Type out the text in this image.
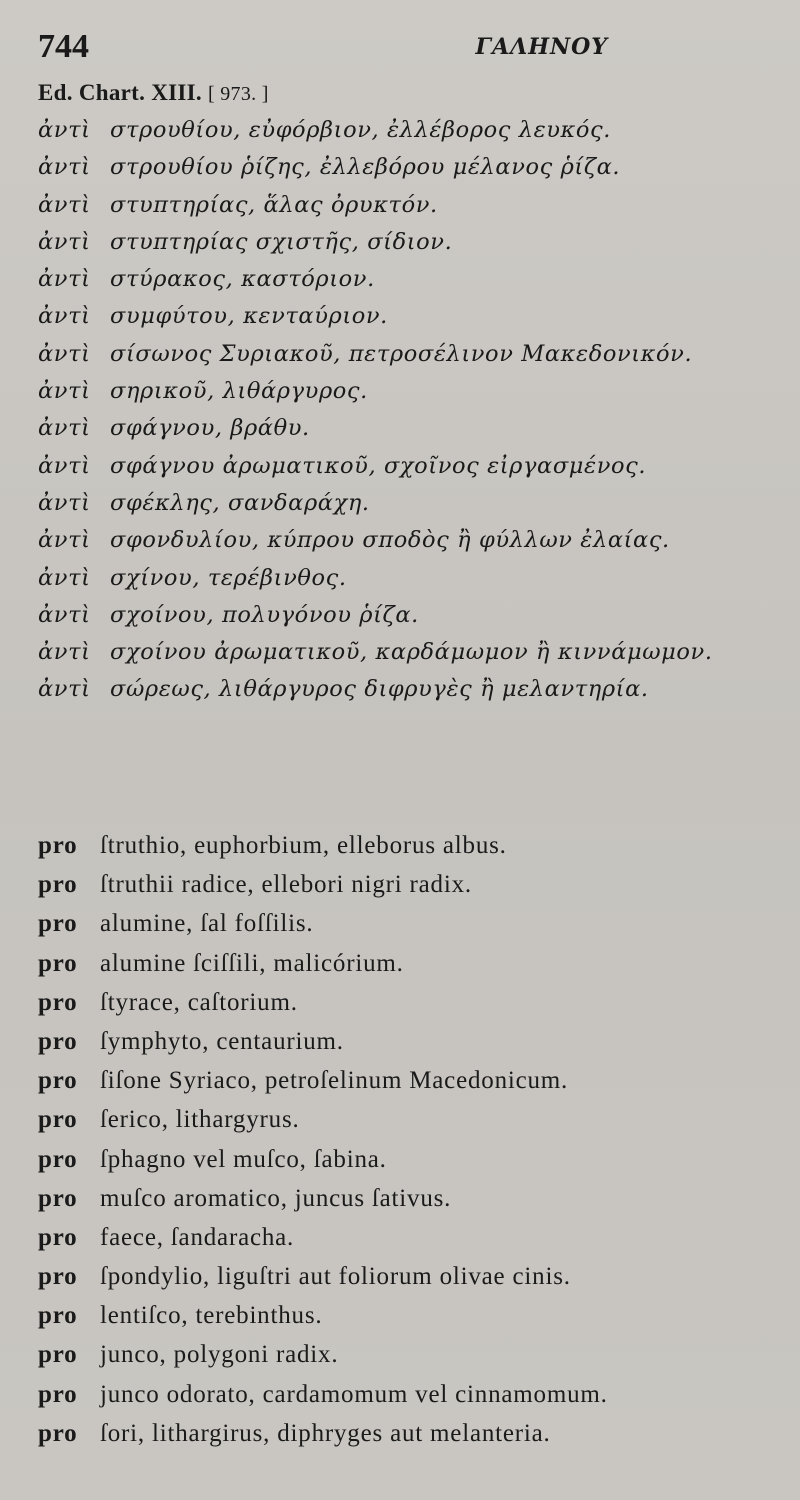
744	ΓΑΛΗΝΟΥ
Ed. Chart. XIII. [ 973. ]
ἀντὶ στρουθίου, εὐφόρβιον, ἐλλέβορος λευκός.
ἀντὶ στρουθίου ῥίζης, ἐλλεβόρου μέλανος ῥίζα.
ἀντὶ στυπτηρίας, ἅλας ὀρυκτόν.
ἀντὶ στυπτηρίας σχιστῆς, σίδιον.
ἀντὶ στύρακος, καστόριον.
ἀντὶ συμφύτου, κενταύριον.
ἀντὶ σίσωνος Συριακοῦ, πετροσέλινον Μακεδονικόν.
ἀντὶ σηρικοῦ, λιθάργυρος.
ἀντὶ σφάγνου, βράθυ.
ἀντὶ σφάγνου ἀρωματικοῦ, σχοῖνος εἰργασμένος.
ἀντὶ σφέκλης, σανδαράχη.
ἀντὶ σφονδυλίου, κύπρου σποδὸς ἢ φύλλων ἐλαίας.
ἀντὶ σχίνου, τερέβινθος.
ἀντὶ σχοίνου, πολυγόνου ῥίζα.
ἀντὶ σχοίνου ἀρωματικοῦ, καρδάμωμον ἢ κιννάμωμον.
ἀντὶ σώρεως, λιθάργυρος διφρυγὲς ἢ μελαντηρία.
pro ſtruthio, euphorbium, elleborus albus.
pro ſtruthii radice, ellebori nigri radix.
pro alumine, ſal foſſilis.
pro alumine ſciſſili, malicórium.
pro ſtyrace, caſtorium.
pro ſymphyto, centaurium.
pro ſiſone Syriaco, petroſelinum Macedonicum.
pro ſerico, lithargyrus.
pro ſphagno vel muſco, ſabina.
pro muſco aromatico, juncus ſativus.
pro faece, ſandaracha.
pro ſpondylio, liguſtri aut foliorum olivae cinis.
pro lentiſco, terebinthus.
pro junco, polygoni radix.
pro junco odorato, cardamomum vel cinnamomum.
pro ſori, lithargirus, diphryges aut melanteria.
